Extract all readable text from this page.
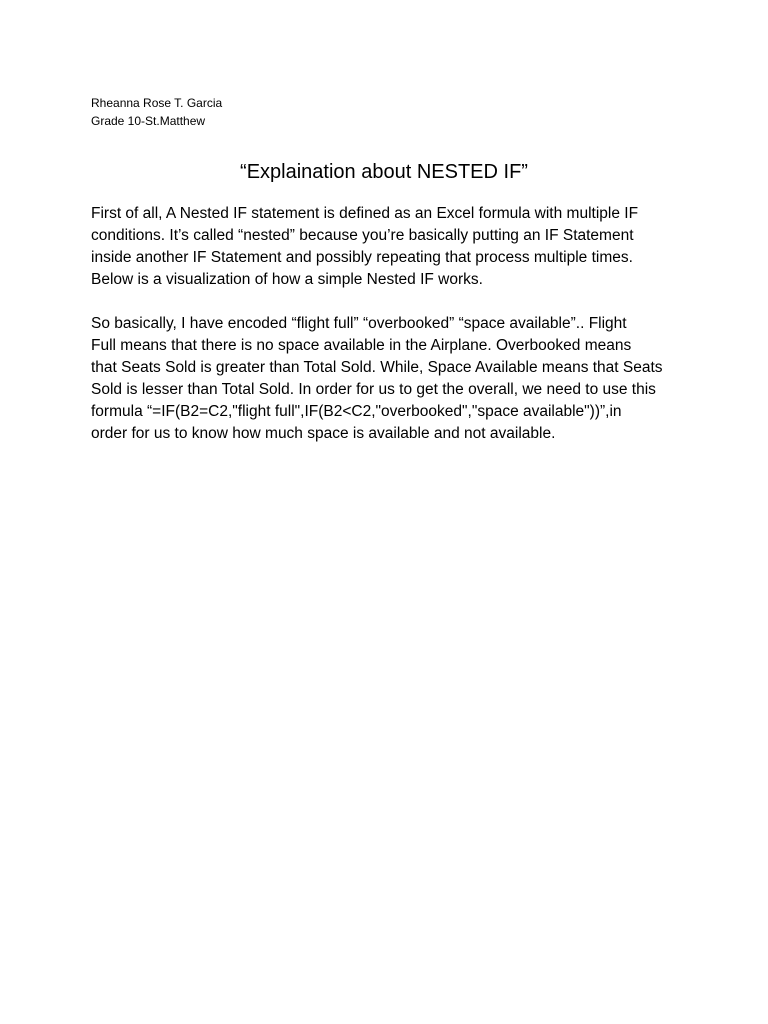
Rheanna Rose T. Garcia
Grade 10-St.Matthew
“Explaination about NESTED IF”
First of all, A Nested IF statement is defined as an Excel formula with multiple IF
conditions. It’s called “nested” because you’re basically putting an IF Statement
inside another IF Statement and possibly repeating that process multiple times.
Below is a visualization of how a simple Nested IF works.
So basically, I have encoded “flight full” “overbooked” “space available”.. Flight
Full means that there is no space available in the Airplane. Overbooked means
that Seats Sold is greater than Total Sold. While, Space Available means that Seats
Sold is lesser than Total Sold. In order for us to get the overall, we need to use this
formula “=IF(B2=C2,"flight full",IF(B2<C2,"overbooked","space available"))”,in
order for us to know how much space is available and not available.
